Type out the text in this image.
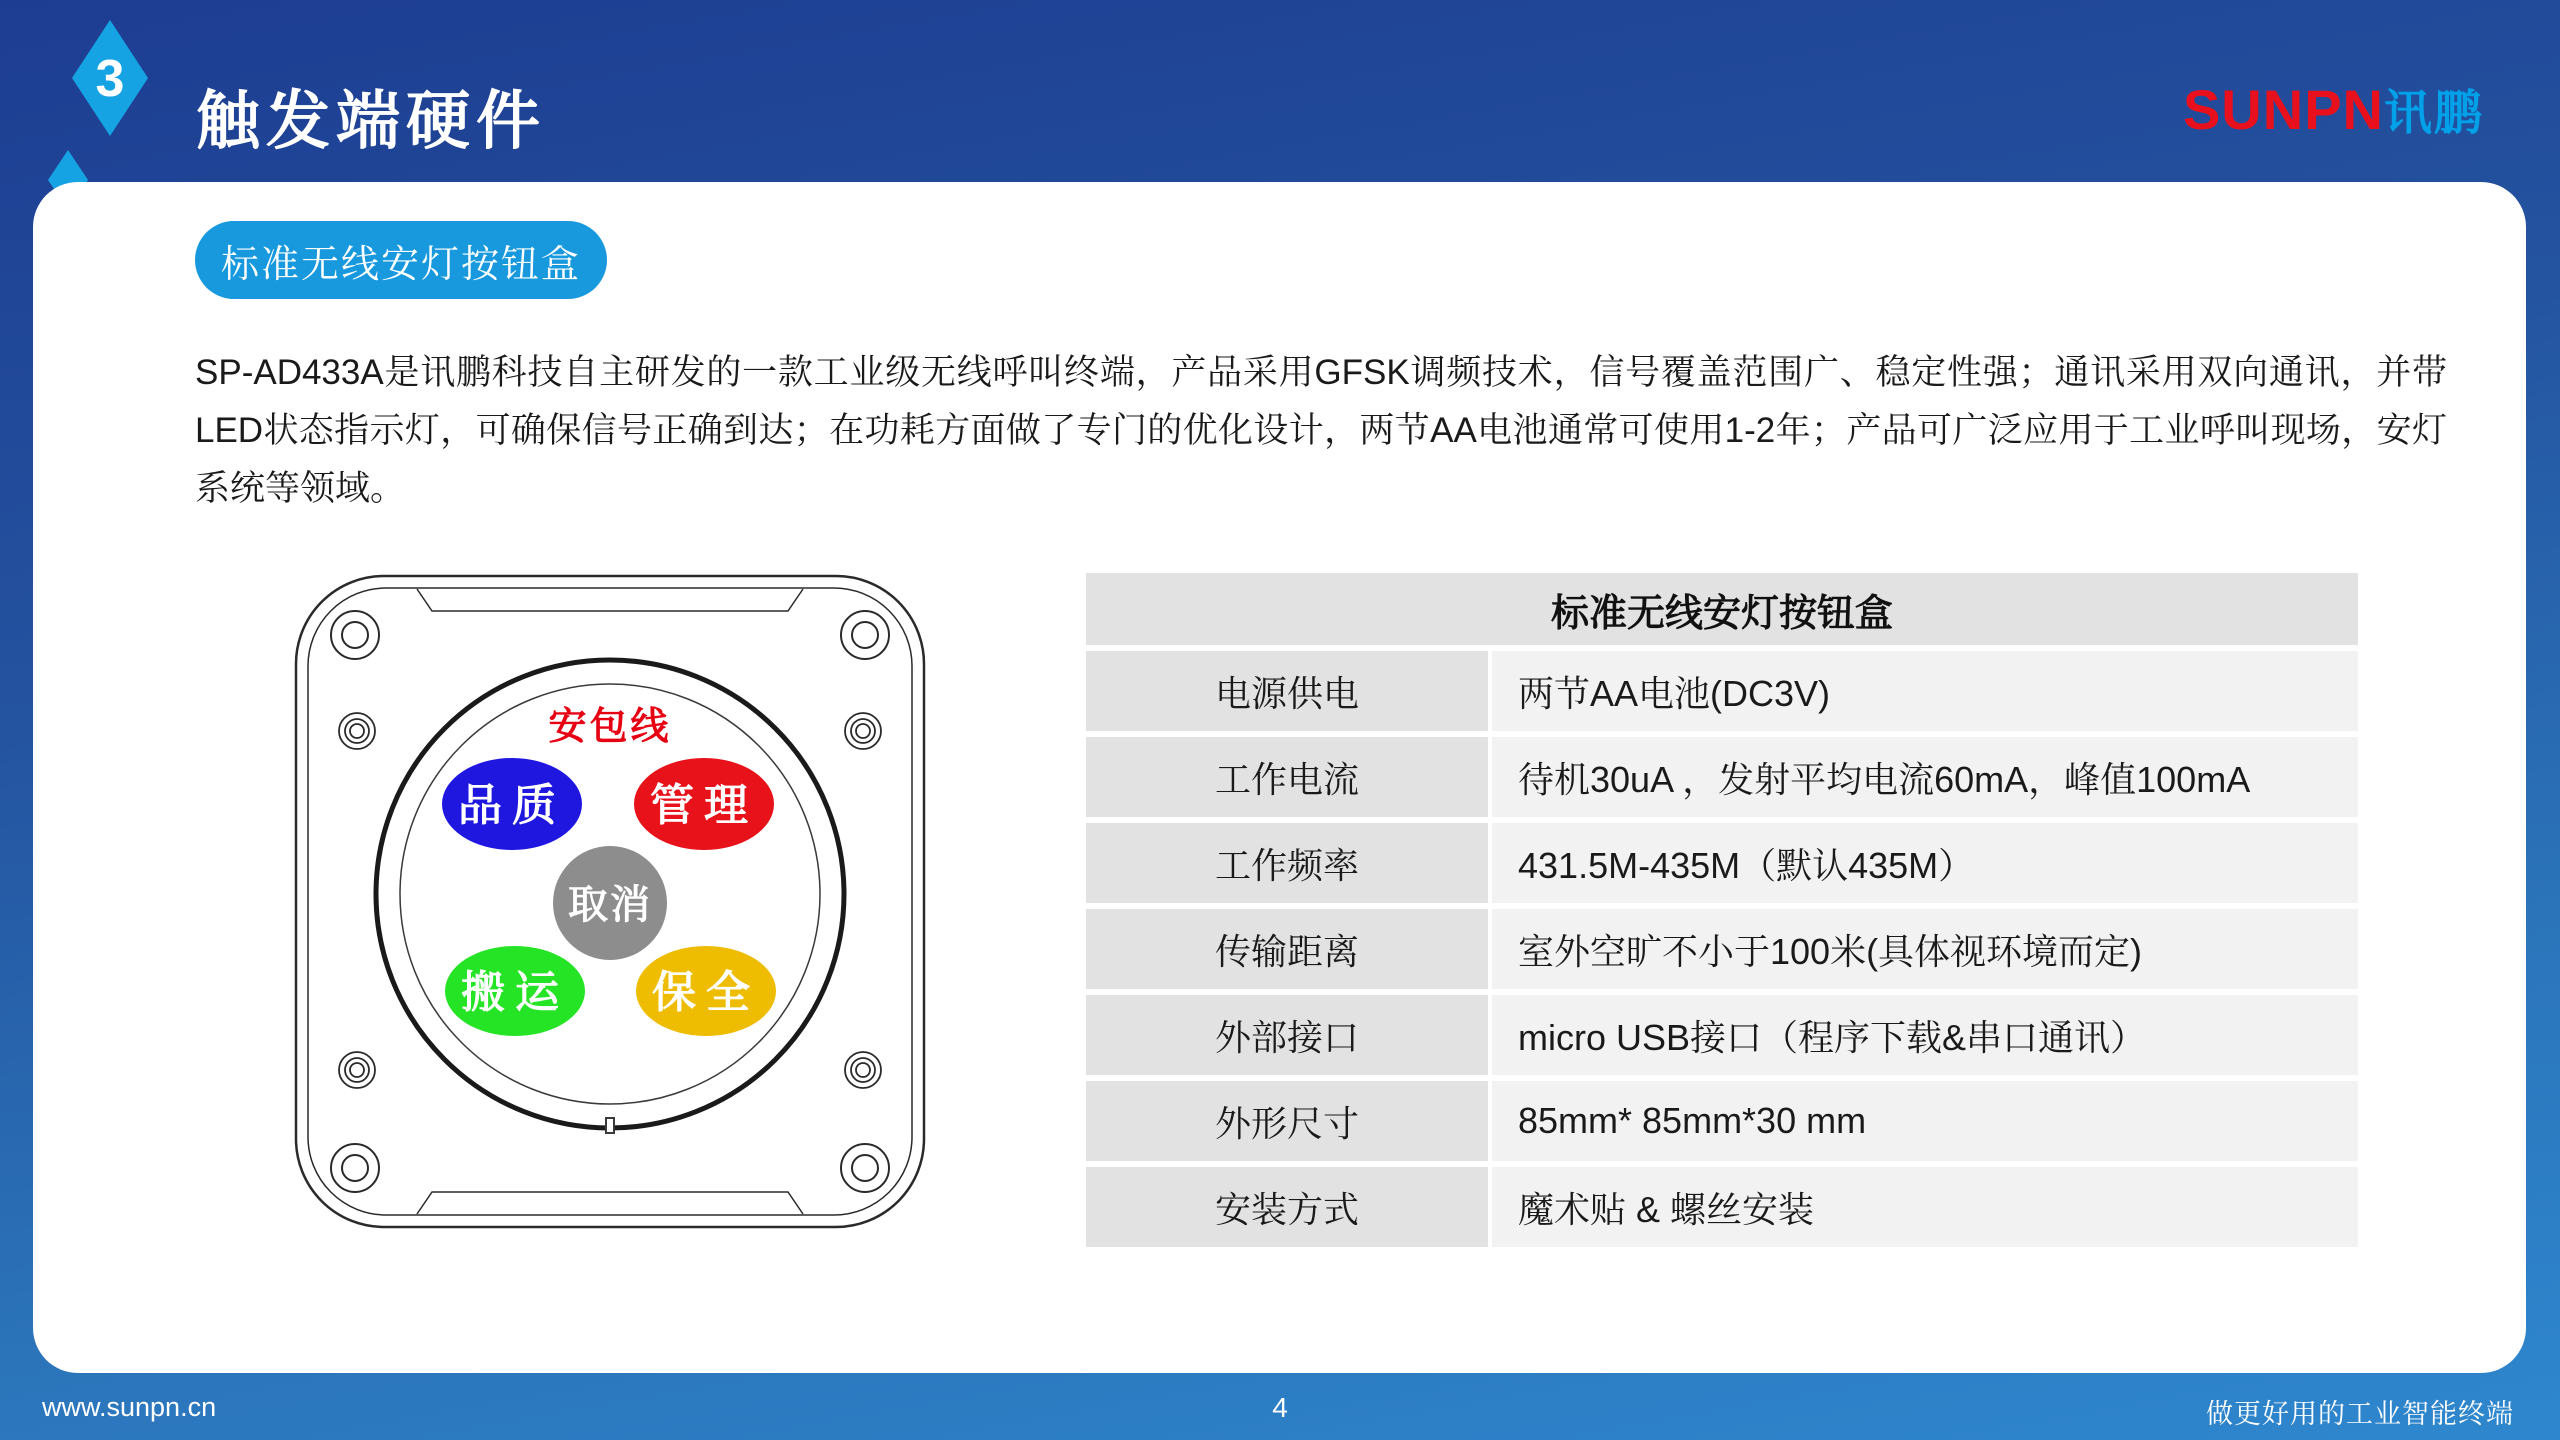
3
触发端硬件	SUNPN讯鹏
标准无线安灯按钮盒
SP-AD433A是讯鹏科技自主研发的一款工业级无线呼叫终端，产品采用GFSK调频技术，信号覆盖范围广、稳定性强；通讯采用双向通讯，并带LED状态指示灯，可确保信号正确到达；在功耗方面做了专门的优化设计，两节AA电池通常可使用1-2年；产品可广泛应用于工业呼叫现场，安灯系统等领域。
安包线
品质 管理
取消
搬运 保全
标准无线安灯按钮盒
电源供电	两节AA电池(DC3V)
工作电流	待机30uA ，发射平均电流60mA，峰值100mA
工作频率	431.5M-435M（默认435M）
传输距离	室外空旷不小于100米(具体视环境而定)
外部接口	micro USB接口（程序下载&串口通讯）
外形尺寸	85mm* 85mm*30 mm
安装方式	魔术贴 & 螺丝安装
www.sunpn.cn	4	做更好用的工业智能终端
